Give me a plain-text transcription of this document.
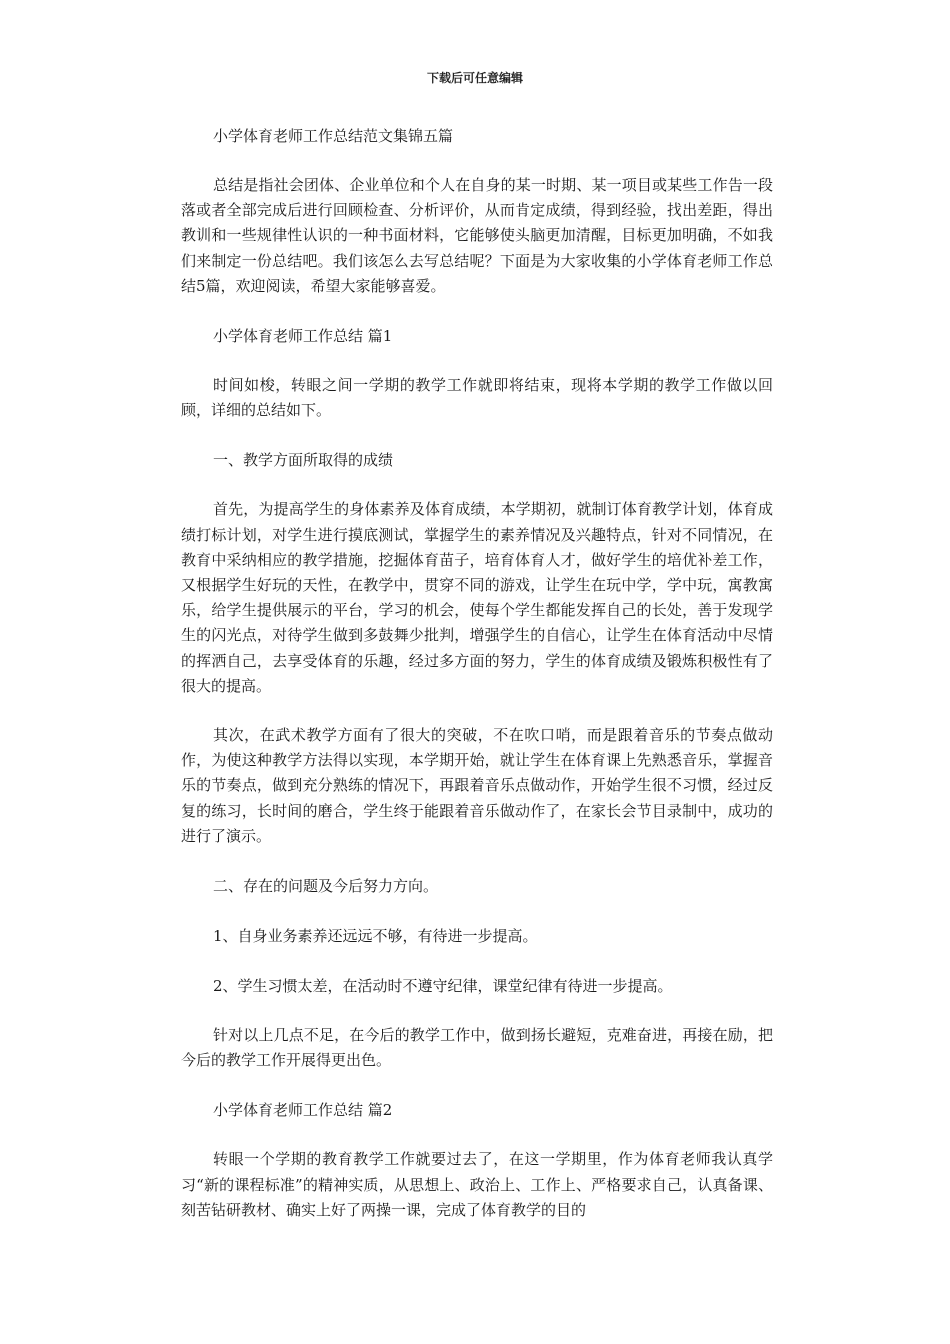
下载后可任意编辑
小学体育老师工作总结范文集锦五篇
总结是指社会团体、企业单位和个人在自身的某一时期、某一项目或某些工作告一段落或者全部完成后进行回顾检查、分析评价，从而肯定成绩，得到经验，找出差距，得出教训和一些规律性认识的一种书面材料，它能够使头脑更加清醒，目标更加明确，不如我们来制定一份总结吧。我们该怎么去写总结呢？下面是为大家收集的小学体育老师工作总结5篇，欢迎阅读，希望大家能够喜爱。
小学体育老师工作总结 篇1
时间如梭，转眼之间一学期的教学工作就即将结束，现将本学期的教学工作做以回顾，详细的总结如下。
一、教学方面所取得的成绩
首先，为提高学生的身体素养及体育成绩，本学期初，就制订体育教学计划，体育成绩打标计划，对学生进行摸底测试，掌握学生的素养情况及兴趣特点，针对不同情况，在教育中采纳相应的教学措施，挖掘体育苗子，培育体育人才，做好学生的培优补差工作，又根据学生好玩的天性，在教学中，贯穿不同的游戏，让学生在玩中学，学中玩，寓教寓乐，给学生提供展示的平台，学习的机会，使每个学生都能发挥自己的长处，善于发现学生的闪光点，对待学生做到多鼓舞少批判，增强学生的自信心，让学生在体育活动中尽情的挥洒自己，去享受体育的乐趣，经过多方面的努力，学生的体育成绩及锻炼积极性有了很大的提高。
其次，在武术教学方面有了很大的突破，不在吹口哨，而是跟着音乐的节奏点做动作，为使这种教学方法得以实现，本学期开始，就让学生在体育课上先熟悉音乐，掌握音乐的节奏点，做到充分熟练的情况下，再跟着音乐点做动作，开始学生很不习惯，经过反复的练习，长时间的磨合，学生终于能跟着音乐做动作了，在家长会节目录制中，成功的进行了演示。
二、存在的问题及今后努力方向。
1、自身业务素养还远远不够，有待进一步提高。
2、学生习惯太差，在活动时不遵守纪律，课堂纪律有待进一步提高。
针对以上几点不足，在今后的教学工作中，做到扬长避短，克难奋进，再接在励，把今后的教学工作开展得更出色。
小学体育老师工作总结 篇2
转眼一个学期的教育教学工作就要过去了，在这一学期里，作为体育老师我认真学习“新的课程标准”的精神实质，从思想上、政治上、工作上、严格要求自己，认真备课、刻苦钻研教材、确实上好了两操一课，完成了体育教学的目的
